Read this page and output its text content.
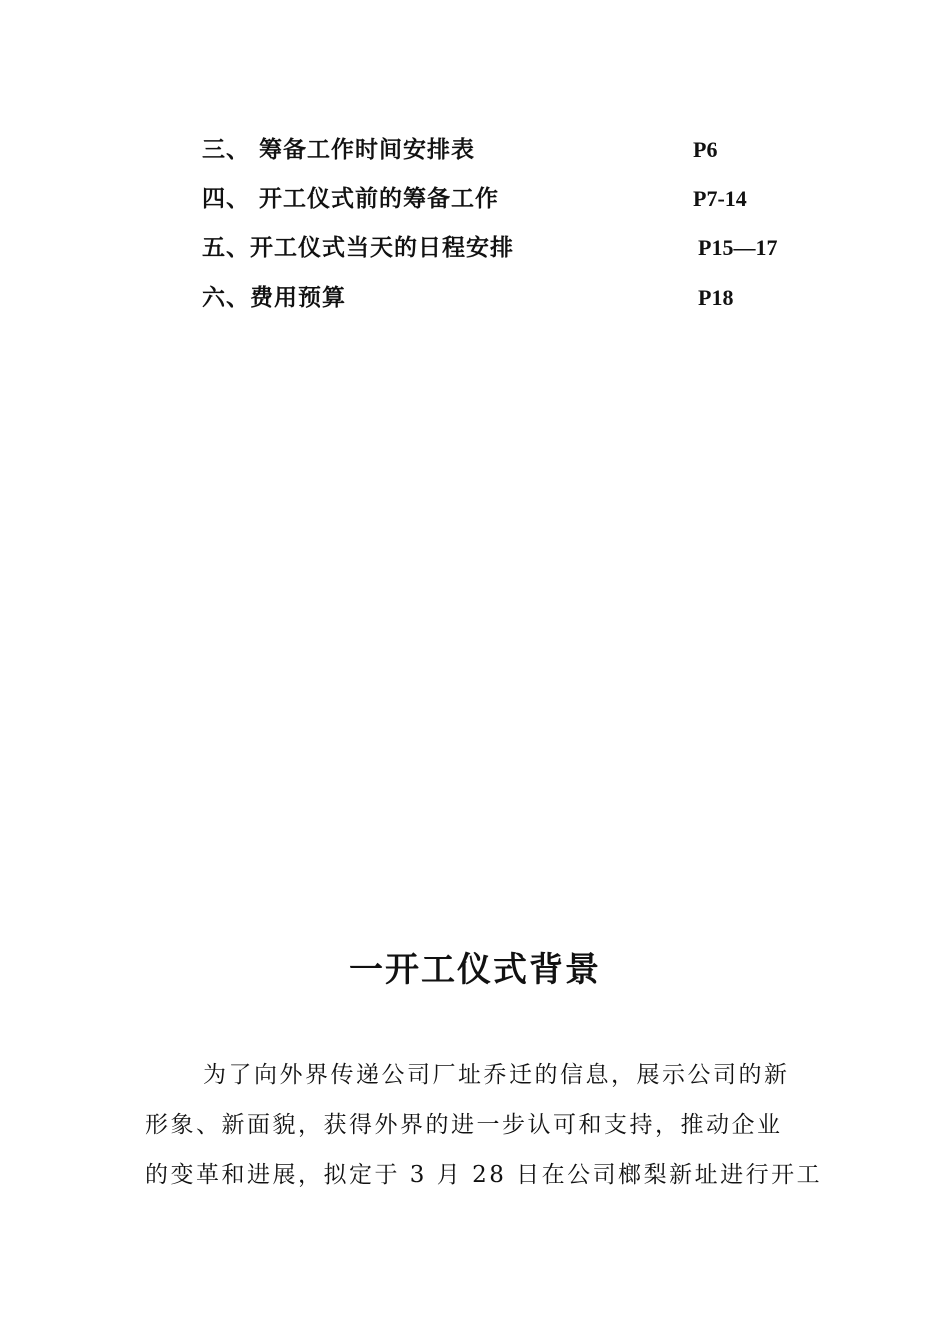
三、 筹备工作时间安排表	P6
四、 开工仪式前的筹备工作	P7-14
五、开工仪式当天的日程安排	P15—17
六、费用预算	P18
一开工仪式背景
为了向外界传递公司厂址乔迁的信息，展示公司的新
形象、新面貌，获得外界的进一步认可和支持，推动企业
的变革和进展，拟定于 3 月 28 日在公司榔梨新址进行开工
